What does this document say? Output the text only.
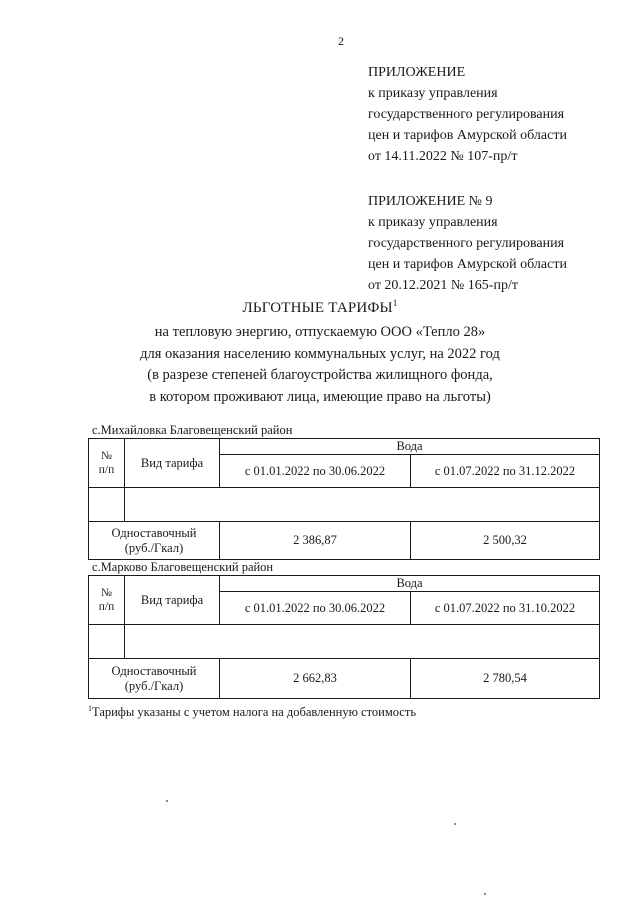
2
ПРИЛОЖЕНИЕ
к приказу управления
государственного регулирования
цен и тарифов Амурской области
от 14.11.2022 № 107-пр/т
ПРИЛОЖЕНИЕ № 9
к приказу управления
государственного регулирования
цен и тарифов Амурской области
от 20.12.2021 № 165-пр/т
ЛЬГОТНЫЕ ТАРИФЫ$^1$
на тепловую энергию, отпускаемую ООО «Тепло 28»
для оказания населению коммунальных услуг, на 2022 год
(в разрезе степеней благоустройства жилищного фонда,
в котором проживают лица, имеющие право на льготы)
с.Михайловка Благовещенский район
№
п/п	Вид тарифа	Вода	
		с 01.01.2022 по 30.06.2022	с 01.07.2022 по 31.12.2022

Одноставочный
(руб./Гкал)		2 386,87	2 500,32
с.Марково Благовещенский район
№
п/п	Вид тарифа	Вода	
		с 01.01.2022 по 30.06.2022	с 01.07.2022 по 31.10.2022

Одноставочный
(руб./Гкал)		2 662,83	2 780,54
$^1$Тарифы указаны с учетом налога на добавленную стоимость
